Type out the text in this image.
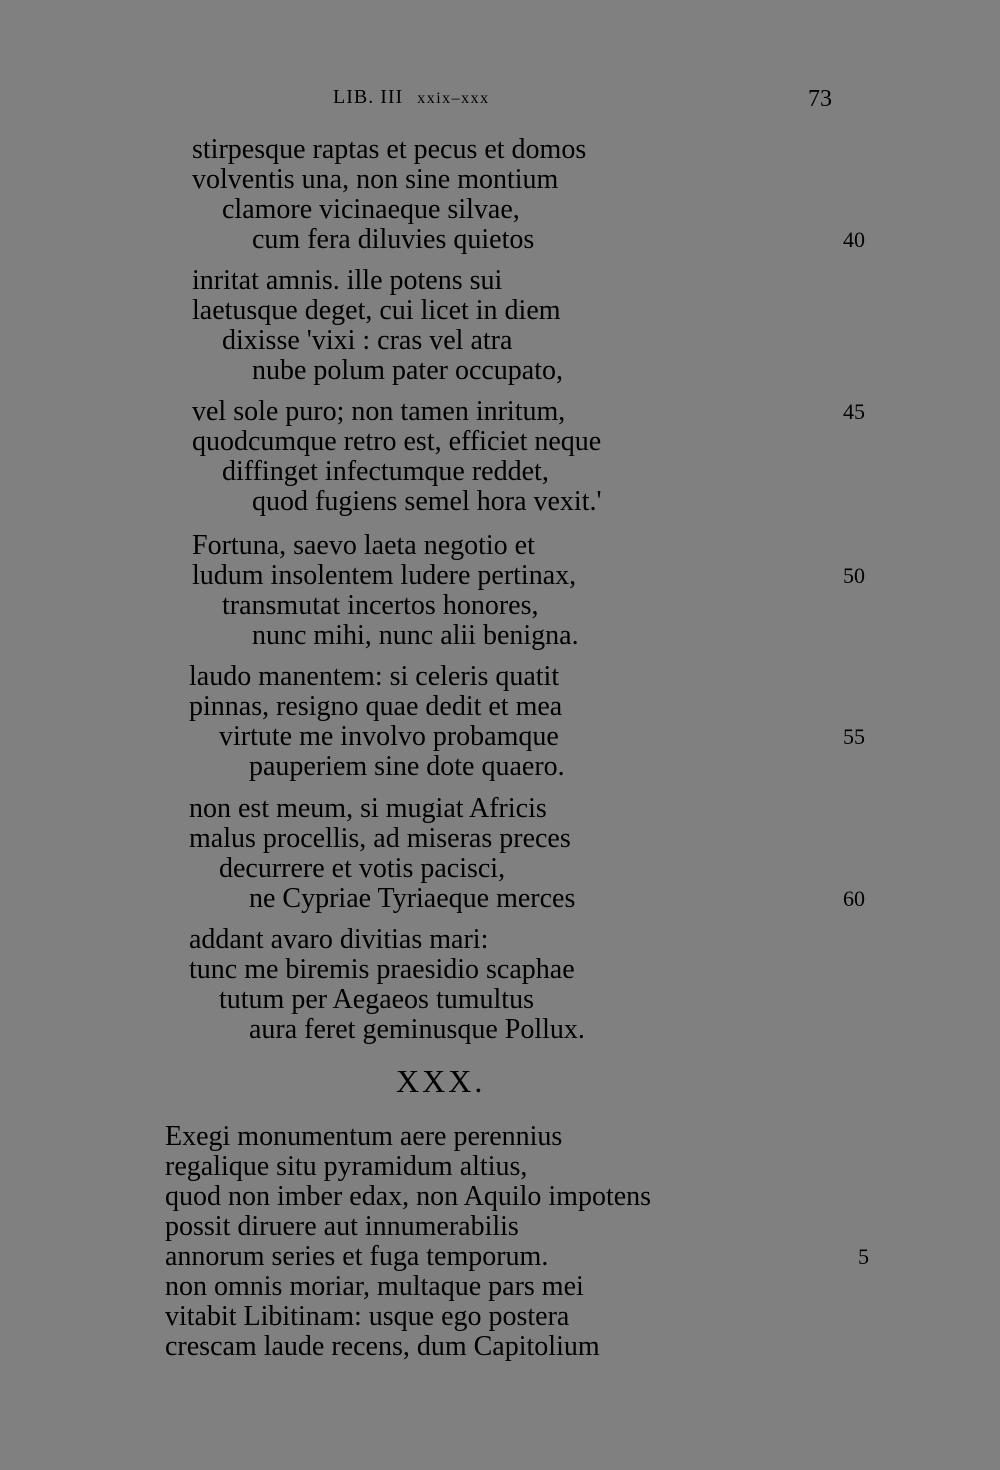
LIB. III xxix–xxx	73
stirpesque raptas et pecus et domos
volventis una, non sine montium
clamore vicinaeque silvae,
cum fera diluvies quietos	40
inritat amnis. ille potens sui
laetusque deget, cui licet in diem
dixisse 'vixi : cras vel atra
nube polum pater occupato,
vel sole puro; non tamen inritum,
quodcumque retro est, efficiet neque
diffinget infectumque reddet,
quod fugiens semel hora vexit.'
45
Fortuna, saevo laeta negotio et
ludum insolentem ludere pertinax,
transmutat incertos honores,
nunc mihi, nunc alii benigna.
50
laudo manentem: si celeris quatit
pinnas, resigno quae dedit et mea
virtute me involvo probamque
pauperiem sine dote quaero.
55
non est meum, si mugiat Africis
malus procellis, ad miseras preces
decurrere et votis pacisci,
ne Cypriae Tyriaeque merces	60
addant avaro divitias mari:
tunc me biremis praesidio scaphae
tutum per Aegaeos tumultus
aura feret geminusque Pollux.
XXX.
Exegi monumentum aere perennius
regalique situ pyramidum altius,
quod non imber edax, non Aquilo impotens
possit diruere aut innumerabilis
annorum series et fuga temporum.
non omnis moriar, multaque pars mei
vitabit Libitinam: usque ego postera
crescam laude recens, dum Capitolium
5
